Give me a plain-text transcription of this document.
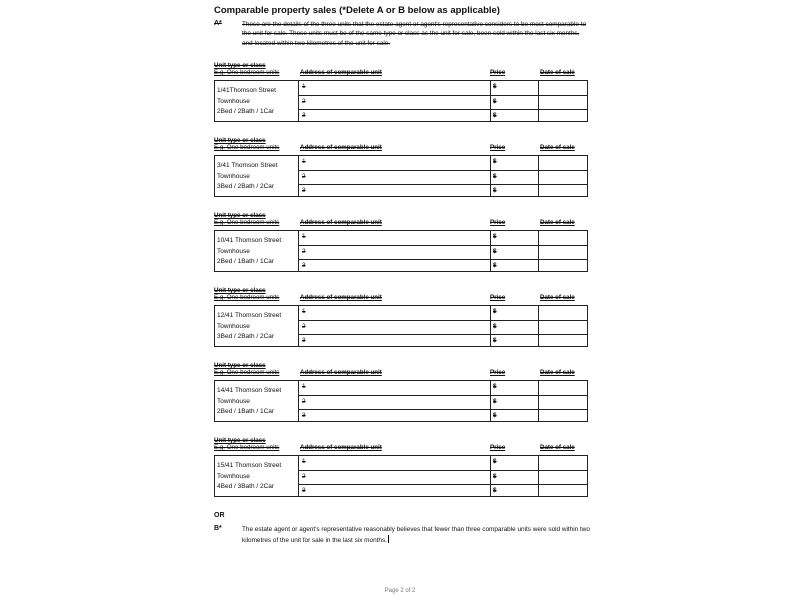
Comparable property sales (*Delete A or B below as applicable)
A*	These are the details of the three units that the estate agent or agent's representative considers to be most comparable to the unit for sale. These units must be of the same type or class as the unit for sale, been sold within the last six months, and located within two kilometres of the unit for sale.
Unit type or class
E.g. One bedroom units	Address of comparable unit	Price	Date of sale
1/41Thomson Street
Townhouse
2Bed / 2Bath / 1Car
1	$
2	$
3	$
Unit type or class
E.g. One bedroom units	Address of comparable unit	Price	Date of sale
3/41 Thomson Street
Townhouse
3Bed / 2Bath / 2Car
1	$
2	$
3	$
Unit type or class
E.g. One bedroom units	Address of comparable unit	Price	Date of sale
10/41 Thomson Street
Townhouse
2Bed / 1Bath / 1Car
1	$
2	$
3	$
Unit type or class
E.g. One bedroom units	Address of comparable unit	Price	Date of sale
12/41 Thomson Street
Townhouse
3Bed / 2Bath / 2Car
1	$
2	$
3	$
Unit type or class
E.g. One bedroom units	Address of comparable unit	Price	Date of sale
14/41 Thomson Street
Townhouse
2Bed / 1Bath / 1Car
1	$
2	$
3	$
Unit type or class
E.g. One bedroom units	Address of comparable unit	Price	Date of sale
15/41 Thomson Street
Townhouse
4Bed / 3Bath / 2Car
1	$
2	$
3	$
OR
B*	The estate agent or agent's representative reasonably believes that fewer than three comparable units were sold within two kilometres of the unit for sale in the last six months.
Page 2 of 2
